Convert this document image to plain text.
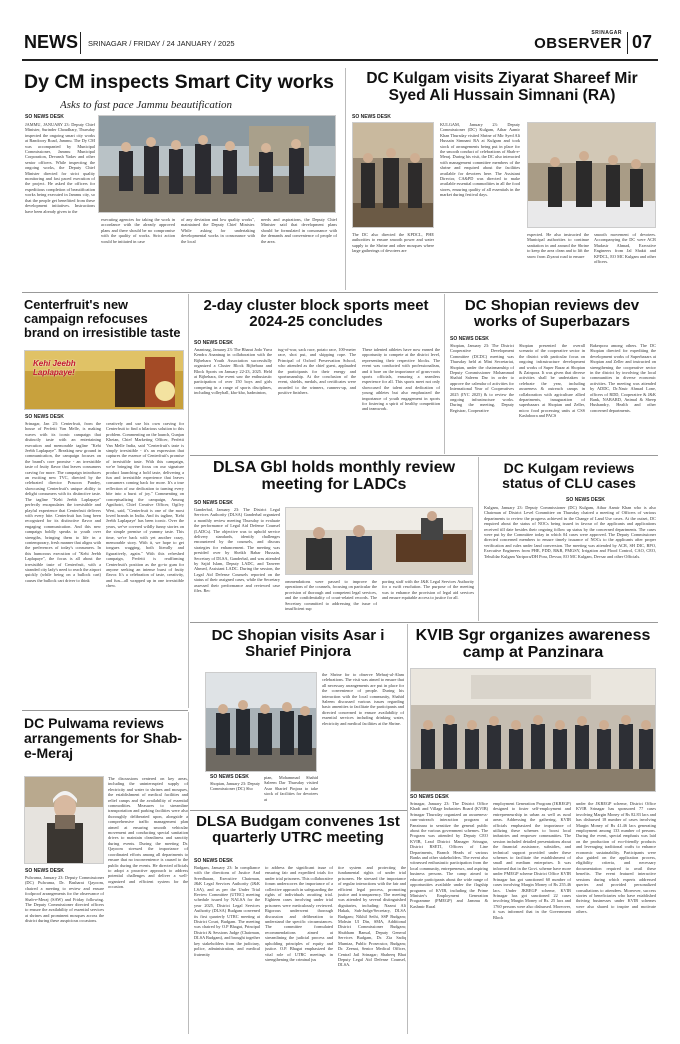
NEWS SRINAGAR / FRIDAY / 24 JANUARY / 2025
SRINAGAR
OBSERVER 07
Dy CM inspects Smart City works
Asks to fast pace Jammu beautification
SO NEWS DESK
JAMMU, JANUARY 23: Deputy Chief Minister, Surinder Choudhary, Thursday inspected the ongoing smart city works at Bandoory Road, Jammu. The Dy CM was accompanied by Municipal Commissioner, Jammu Municipal Corporation, Devansh Yadav and other senior officers. While inspecting the ongoing works, the Deputy Chief Minister directed for strict quality monitoring and fast paced execution of the project. He asked the officers for expeditious completion of beautification works being executed in Jammu city, so that the people get benefitted from these development initiatives. Instructions have been already given to the
executing agencies for taking the work in accordance with the already approved plans and there should be no compromise with the quality of works. Strict action would be initiated in case
of any deviation and low quality works", maintained the Deputy Chief Minister. While asking for undertaking developmental works in consonance with the local
needs and aspirations, the Deputy Chief Minister said that development plans should be formulated in consonance with the demands and convenience of people of the area.
DC Kulgam visits Ziyarat Shareef Mir Syed Ali Hussain Simnani (RA)
SO NEWS DESK
KULGAM, January 23: Deputy Commissioner (DC) Kulgam, Athar Aamir Khan Thursday visited Shrine of Mir Syed Ali Hussain Simnani RA at Kulgam and took stock of arrangements being put in place for the smooth conduct of celebrations of Shab-e-Meraj. During his visit, the DC also interacted with management committee members of the shrine and enquired about the facilities available for devotees here. The Assistant Director, CA&PD was directed to make available essential commodities in all the food stores, ensuring quality of all essentials in the market during festival days.
The DC also directed the KPDCL, PHE authorities to ensure smooth power and water supply to the Shrine and other mosques where large gatherings of devotees are
expected. He also instructed the Municipal authorities to continue sanitation in and around the Shrine to keep the area clean and to lift the snow from Ziyarat road to ensure
smooth movement of devotees. Accompanying the DC were ACR Mudasir Ahmad, Executive Engineers from Jal Shakti and KPDCL, EO MC Kulgam and other officers.
Centerfruit's new campaign refocuses brand on irresistible taste
Kehi Jeebh Laplapaye!
SO NEWS DESK
Srinagar, Jan 23: Centerfruit, from the house of Perfetti Van Melle, is making waves with its iconic campaign that distinctly taste with an entertaining execution and memorable tagline "Kehi Jeebh Laplapaye". Breaking new ground in communication, the campaign focuses on the brand's core promise - an irresistible taste of fruity flavor that leaves consumers craving for more. The campaign introduces an exciting new TVC, directed by the celebrated director Prasoon Pandey, showcasing Centerfruit's unique ability to delight consumers with its distinctive taste. The tagline "Kehi Jeebh Laplapaye" perfectly encapsulates the irresistible and playful experience that Centerfruit delivers with every bite. Centerfruit has long been recognized for its distinctive flavor and engaging communication. And this new campaign boldly speaks to youth over strengths, bringing them to life in a contemporary, fresh manner that aligns with the preferences of today's consumers. In this humorous execution of "Kehi Jeebh Laplapaye", the focus is all about the irresistible taste of Centerfruit, with a stranded city lady's need to reach the airport quickly (while being on a bullock cart) causes the bullock cart driver to think
creatively and use his own craving for Centerfruit to find a hilarious solution to this problem. Commenting on the launch, Gunjan Khetan, Chief Marketing Officer, Perfetti Van Melle India, said "Centerfruit's taste is simply irresistible - it's an expression that captures the essence of Centerfruit's promise of irresistible taste. With this campaign, we're bringing the focus on our signature product launching a bold taste, delivering a fun and irresistible experience that leaves consumers coming back for more. It's a true reflection of our dedication to turning every bite into a burst of joy." Commenting on conceptualizing the campaign, Anurag Agnihotri, Chief Creative Officer, Ogilvy West, said, "Centerfruit is one of the most loved brands in India. And its tagline, 'Kehi Jeebh Laplapaye' has been iconic. Over the years, we've covered wildly funny stories on the simple premise of yummy taste. This time, we're back with yet another crazy, memorable story. With it, we hope to get tongues wagging, both literally and figuratively, again." With this refreshed campaign, Perfetti is reaffirming Centerfruit's position as the go-to gum for anyone seeking an intense burst of fruity flavor. It's a celebration of taste, creativity, and fun—all wrapped up in one irresistible chew.
2-day cluster block sports meet 2024-25 concludes
SO NEWS DESK
Anantnag, January 23: The Bharat Jodo Yuva Kendra Anantnag in collaboration with the Bijbehara Youth Association successfully organized a Cluster Block Bijbehara and Block Sports on January 22-23, 2025. Held at Bijbehara, the event saw the enthusiastic participation of over 150 boys and girls competing in a range of sports disciplines, including volleyball, kho-kho, badminton,
tug-of-war, sack race, potato race, 100-meter race, shot put, and skipping rope. The Principal of Oxford Preservation School, who attended as the chief guest, applauded the participants for their energy and sportsmanship. At the conclusion of the event, shields, medals, and certificates were awarded to the winners, runners-up, and positive finishers.
These talented athletes have now earned the opportunity to compete at the district level, representing their respective blocks. The event was conducted with professionalism, and it bore on the importance of grass-roots sports officials, ensuring a seamless experience for all. This sports meet not only showcased the talent and dedication of young athletes but also emphasized the importance of youth engagement in sports for fostering a spirit of healthy competition and teamwork.
DC Shopian reviews dev works of Superbazars
SO NEWS DESK
Shopian, January 23: The District Cooperative Development Committee (DCDC) meeting was Thursday held at Mini Secretariat, Shopian, under the chairmanship of Deputy Commissioner Mohammad Shahid Saleem Dar in order to approve the calendar of activities for International Year of Cooperatives 2025 (IYC 2025) & to review the ongoing infrastructure works. During the meeting, Deputy Registrar, Cooperative
Shopian presented the overall scenario of the cooperative sector in the district with particular focus on ongoing infrastructure development and works of Super Bazar at Shopian & Zainpora. It was given that diverse activities shall be undertaken to celebrate the year, including awareness & outreach camps in collaboration with agriculture allied departments, inauguration of superbazars at Shopian and Zeller, micro food processing units at CSS Kashdoora and PACS
Bakerpora among others. The DC Shopian directed for expediting the development works of Superbazars at Shopian and Zeller and instructed on strengthening the cooperative sector in the district by involving the local communities in diverse economic activities. The meeting was attended by ADDC, Dr.Nasir Ahmad Lone, officers of RDD, Cooperative & J&K Bank, NABARD, Animal & Sheep Husbandry, Health and other concerned departments.
DLSA Gbl holds monthly review meeting for LADCs
SO NEWS DESK
Ganderbal, January 23: The District Legal Services Authority (DLSA) Ganderbal organized a monthly review meeting Thursday to evaluate the performance of Legal Aid Defense Counsel (LADCs). The objective was to uphold service delivery standards, identify challenges encountered by the counsels, and discuss strategies for enhancement. The meeting was presided over by Sheikh Babar Hussain, Secretary of DLSA, Ganderbal, and was attended by Sajid Islam, Deputy LADC, and Tanveer Ahmed, Assistant LADC. During the session, the Legal Aid Defense Counsels reported on the status of their assigned cases, while the Secretary assessed their performance and reviewed case files. Rec
ommendations were passed to improve the operations of the counsels, focusing on particular the provision of thorough and competent legal services, and the confidentiality of court-related records. The Secretary committed to addressing the issue of insufficient sup
porting staff with the J&K Legal Services Authority for a swift resolution. The purpose of the meeting was to enhance the provision of legal aid services and ensure equitable access to justice for all.
DC Kulgam reviews status of CLU cases
SO NEWS DESK
Kulgam, January 23: Deputy Commissioner (DC) Kulgam, Athar Aamir Khan who is also Chairman of District Level Committee on Thursday chaired a meeting of Officers of various departments to review the progress achieved in the Change of Land Use cases. At the outset, DC enquired about the status of NOCs being issued in favour of the applicants and applications received till date besides their ongoing follow up status by the concerned departments. The cases were put by the Committee today in which 04 cases were approved. The Deputy Commissioner directed concerned members to ensure timely issuance of NOCs to the applicants after proper verification and rules under land conversion. The meeting was attended by ACR, SH DIC, BPO, Executive Engineers from PHE, PDD, R&B, PMGSY, Irrigation and Flood Control, CAO, CEO, Tehsildar Kulgam Yaripora/DH Pora, Devsar, EO MC Kulgam, Devsar and other Officials.
DC Shopian visits Asar i Sharief Pinjora
SO NEWS DESK
Shopian, January 23: Deputy Commissioner (DC) Sho
pian, Mohammad Shahid Saleem Dar Thursday visited Asar Sharief Pinjora to take stock of facilities for devotees at
the Shrine for to observe Mehraj-ul-Alam celebrations. The visit was aimed to ensure that all necessary arrangements are put in place for the convenience of people. During his interaction with the local community, Shahid Saleem discussed various issues regarding basic amenities to facilitate the participants and directed concerned to ensure availability of essential services including drinking water, electricity and medical facilities at the Shrine.
KVIB Sgr organizes awareness camp at Panzinara
SO NEWS DESK
Srinagar, January 23: The District Office Khadi and Village Industries Board (KVIB) Srinagar Thursday organized an awareness-cum-outreach interaction program at Panzinara to sensitize the general public about the various government schemes. The Program was attended by Deputy CEO KVIB, Lead District Manager Srinagar, District RSETI, Officers of Line Departments, Branch Heads of various Banks and other stakeholders. The event also witnessed enthusiastic participation from the local community, entrepreneurs, and aspiring business persons. The camp aimed to educate participants about the wide range of opportunities available under the flagship programs of KVIB, including the Prime Minister's Employment Generation Programme (PMEGP) and Jammu & Kashmir Rural
employment Generation Program (JKREGP) designed to foster self-employment and entrepreneurship in urban as well as rural areas. Addressing the gathering, KVIB officials emphasized the importance of utilizing these schemes to boost local industries and empower communities. The session included detailed presentations about the financial assistance, subsidies, and technical support provided under these schemes to facilitate the establishment of small and medium enterprises. It was informed that in the Govt. scheme have more under PMEGP scheme District Office KVIB Srinagar has got sanctioned 60 number of cases involving Margin Money of Rs 255.46 lacs. Under JKREGP scheme, KVIB Srinagar has got sanctioned 22 cases involving Margin Money of Rs. 25 lacs and 1760 persons were also disbursed. Moreover, it was informed that in the Government Block
under the JKREGP scheme, District Office KVIB Srinagar has sponsored 77 cases involving Margin Money of Rs 82.83 lacs and has disbursed 18 number of cases involving Margin Money of Rs 41.46 lacs generating employment among 133 number of persons. During the event, special emphasis was laid on the production of eco-friendly products and leveraging traditional crafts to enhance economic sustainability. Participants were also guided on the application process, eligibility criteria, and necessary documentation required to avail these benefits. The event featured interactive sessions during which experts addressed queries and provided personalized consultations to attendees. Moreover, success stories of beneficiaries who have established thriving businesses under KVIB schemes were also shared to inspire and motivate others.
DC Pulwama reviews arrangements for Shab-e-Meraj
The discussions centered on key areas, including the uninterrupted supply of electricity and water to shrines and mosques, the establishment of medical facilities and relief camps and the availability of essential commodities. Measures to streamline transportation and parking facilities were also thoroughly deliberated upon, alongside a comprehensive traffic management plan aimed at ensuring smooth vehicular movement and conducting special sanitation drives to maintain cleanliness and sanctity during events. During the meeting Dr. Qayoom stressed the importance of coordinated efforts among all departments to ensure that no inconvenience is caused to the public during the events. He directed officials to adopt a proactive approach to address potential challenges and deliver a well-organized and efficient system for the occasion.
SO NEWS DESK
Pulwama, January 23: Deputy Commissioner (DC) Pulwama, Dr. Basharat Qayoom, chaired a meeting to review and ensure foolproof arrangements for the observance of Shab-e-Meraj (SAW) and Friday following. The Deputy Commissioner directed officers to ensure the availability of essential services at shrines and prominent mosques across the district during these auspicious occasions.
DLSA Budgam convenes 1st quarterly UTRC meeting
SO NEWS DESK
Budgam, January 23: In compliance with the directions of Justice And Sreedharan, Executive Chairman, J&K Legal Services Authority (J&K LSA), and as per the Under Trial Review Committee (UTRC) meeting schedule issued by NALSA for the year 2025, District Legal Services Authority (DLSA) Budgam convened its first quarterly UTRC meeting at District Court, Budgam. The meeting was chaired by O.P Bhagat, Principal District & Sessions Judge (Chairman, DLSA Budgam), and brought together key stakeholders from the judiciary, police, administration, and medical fraternity
to address the significant issue of ensuring fair and expedited trials for under trial prisoners. This collaborative forum underscores the importance of a collective approach in safeguarding the rights of individuals awaiting trial. Eighteen cases involving under trial prisoners were meticulously reviewed. Rigorous underwent thorough discussion and deliberation to understand the specific circumstances. The committee formulated recommendations aimed at streamlining the judicial process and upholding principles of equity and justice. O.P. Bhagat emphasized the vital role of UTRC meetings in strengthening the criminal jus
tice system and protecting the fundamental rights of under trial prisoners. He stressed the importance of regular interactions with the fair and efficient legal process, promoting justice and transparency. The meeting was attended by several distinguished dignitaries, including: Nazmi Ali Hakak, Sub-Judge/Secretary, DLSA Budgam; Nikhil Sethi, SSP Budgam; Mohsin Ul Din, SMA, Additional District Commissioner Budgam; Shubham Bansal, Deputy General Services Budgam, Dr. Zia Sadiq Mumtaz, Public Prosecutor, Budgam; Dr. Zeenat, Senior Medical Officer, Central Jail Srinagar; Shaheeq Bhat Deputy Legal Aid Defense Counsel, DLSA.
